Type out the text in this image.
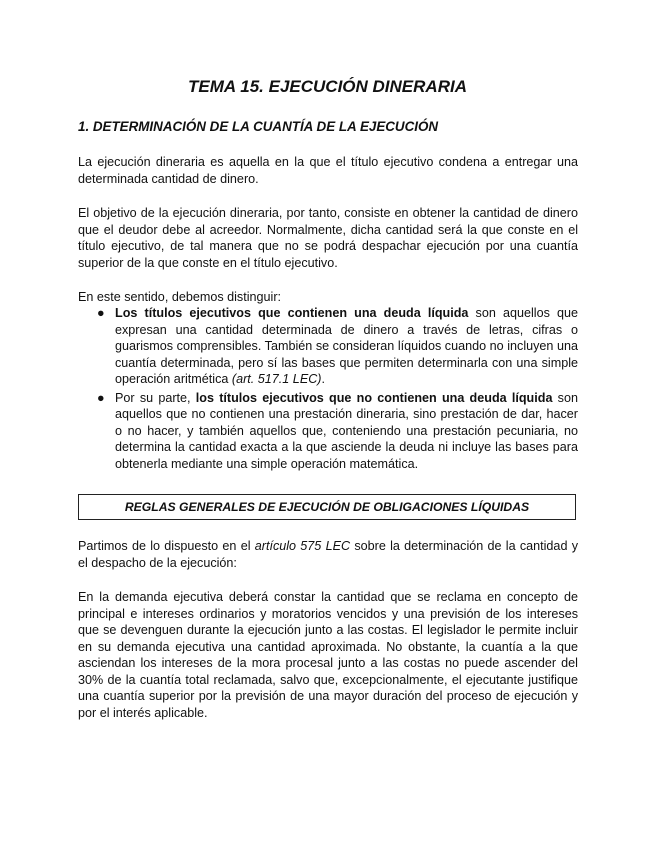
TEMA 15. EJECUCIÓN DINERARIA
1. DETERMINACIÓN DE LA CUANTÍA DE LA EJECUCIÓN

La ejecución dineraria es aquella en la que el título ejecutivo condena a entregar una determinada cantidad de dinero.

El objetivo de la ejecución dineraria, por tanto, consiste en obtener la cantidad de dinero que el deudor debe al acreedor. Normalmente, dicha cantidad será la que conste en el título ejecutivo, de tal manera que no se podrá despachar ejecución por una cuantía superior de la que conste en el título ejecutivo.

En este sentido, debemos distinguir:

● Los títulos ejecutivos que contienen una deuda líquida son aquellos que expresan una cantidad determinada de dinero a través de letras, cifras o guarismos comprensibles. También se consideran líquidos cuando no incluyen una cuantía determinada, pero sí las bases que permiten determinarla con una simple operación aritmética (art. 517.1 LEC).
● Por su parte, los títulos ejecutivos que no contienen una deuda líquida son aquellos que no contienen una prestación dineraria, sino prestación de dar, hacer o no hacer, y también aquellos que, conteniendo una prestación pecuniaria, no determina la cantidad exacta a la que asciende la deuda ni incluye las bases para obtenerla mediante una simple operación matemática.
REGLAS GENERALES DE EJECUCIÓN DE OBLIGACIONES LÍQUIDAS

Partimos de lo dispuesto en el artículo 575 LEC sobre la determinación de la cantidad y el despacho de la ejecución:

En la demanda ejecutiva deberá constar la cantidad que se reclama en concepto de principal e intereses ordinarios y moratorios vencidos y una previsión de los intereses que se devenguen durante la ejecución junto a las costas. El legislador le permite incluir en su demanda ejecutiva una cantidad aproximada. No obstante, la cuantía a la que asciendan los intereses de la mora procesal junto a las costas no puede ascender del 30% de la cuantía total reclamada, salvo que, excepcionalmente, el ejecutante justifique una cuantía superior por la previsión de una mayor duración del proceso de ejecución y por el interés aplicable.
